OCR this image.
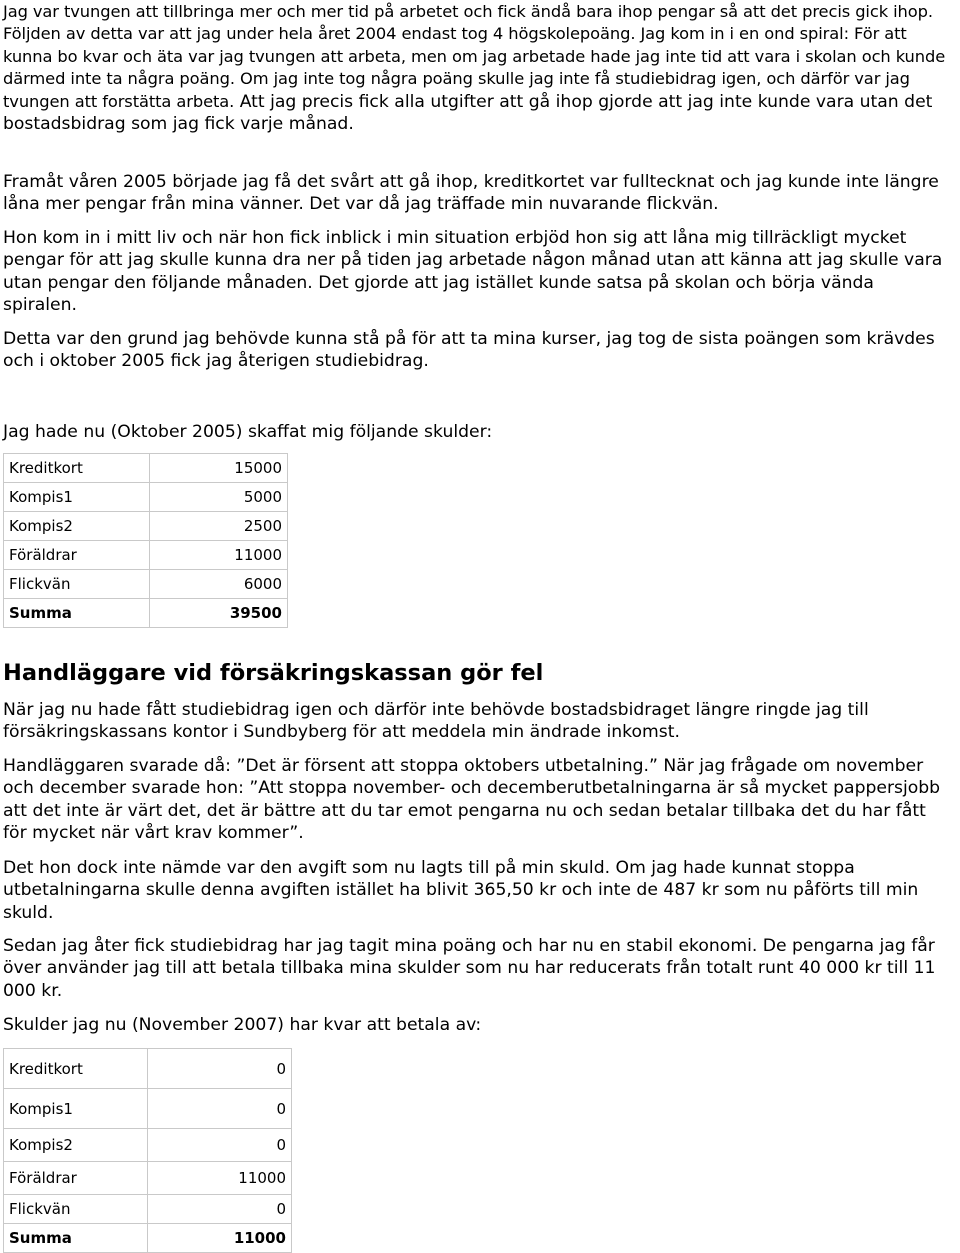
Jag var tvungen att tillbringa mer och mer tid på arbetet och fick ändå bara ihop pengar så att det precis gick ihop. Följden av detta var att jag under hela året 2004 endast tog 4 högskolepoäng. Jag kom in i en ond spiral: För att kunna bo kvar och äta var jag tvungen att arbeta, men om jag arbetade hade jag inte tid att vara i skolan och kunde därmed inte ta några poäng. Om jag inte tog några poäng skulle jag inte få studiebidrag igen, och därför var jag tvungen att forstätta arbeta. Att jag precis fick alla utgifter att gå ihop gjorde att jag inte kunde vara utan det bostadsbidrag som jag fick varje månad.

Framåt våren 2005 började jag få det svårt att gå ihop, kreditkortet var fulltecknat och jag kunde inte längre låna mer pengar från mina vänner. Det var då jag träffade min nuvarande flickvän.

Hon kom in i mitt liv och när hon fick inblick i min situation erbjöd hon sig att låna mig tillräckligt mycket pengar för att jag skulle kunna dra ner på tiden jag arbetade någon månad utan att känna att jag skulle vara utan pengar den följande månaden. Det gjorde att jag istället kunde satsa på skolan och börja vända spiralen.

Detta var den grund jag behövde kunna stå på för att ta mina kurser, jag tog de sista poängen som krävdes och i oktober 2005 fick jag återigen studiebidrag.

Jag hade nu (Oktober 2005) skaffat mig följande skulder:

Kreditkort	15000
Kompis1	5000
Kompis2	2500
Föräldrar	11000
Flickvän	6000
Summa	39500
Handläggare vid försäkringskassan gör fel

När jag nu hade fått studiebidrag igen och därför inte behövde bostadsbidraget längre ringde jag till försäkringskassans kontor i Sundbyberg för att meddela min ändrade inkomst.

Handläggaren svarade då: ”Det är försent att stoppa oktobers utbetalning.” När jag frågade om november och december svarade hon: ”Att stoppa november- och decemberutbetalningarna är så mycket pappersjobb att det inte är värt det, det är bättre att du tar emot pengarna nu och sedan betalar tillbaka det du har fått för mycket när vårt krav kommer”.

Det hon dock inte nämde var den avgift som nu lagts till på min skuld. Om jag hade kunnat stoppa utbetalningarna skulle denna avgiften istället ha blivit 365,50 kr och inte de 487 kr som nu påförts till min skuld.

Sedan jag åter fick studiebidrag har jag tagit mina poäng och har nu en stabil ekonomi. De pengarna jag får över använder jag till att betala tillbaka mina skulder som nu har reducerats från totalt runt 40 000 kr till 11 000 kr.

Skulder jag nu (November 2007) har kvar att betala av:

Kreditkort	0
Kompis1	0
Kompis2	0
Föräldrar	11000
Flickvän	0
Summa	11000
